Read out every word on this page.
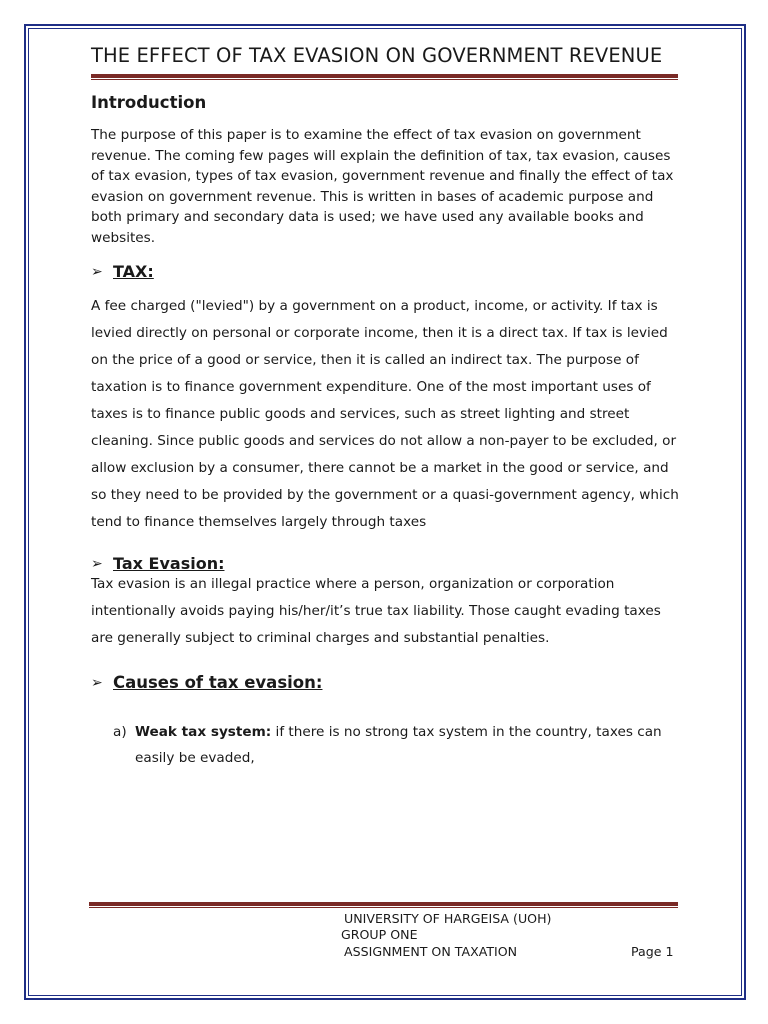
THE EFFECT OF TAX EVASION ON GOVERNMENT REVENUE
Introduction

The purpose of this paper is to examine the effect of tax evasion on government revenue. The coming few pages will explain the definition of tax, tax evasion, causes of tax evasion, types of tax evasion, government revenue and finally the effect of tax evasion on government revenue. This is written in bases of academic purpose and both primary and secondary data is used; we have used any available books and websites.

➢ TAX:

A fee charged ("levied") by a government on a product, income, or activity. If tax is levied directly on personal or corporate income, then it is a direct tax. If tax is levied on the price of a good or service, then it is called an indirect tax. The purpose of taxation is to finance government expenditure. One of the most important uses of taxes is to finance public goods and services, such as street lighting and street cleaning. Since public goods and services do not allow a non-payer to be excluded, or allow exclusion by a consumer, there cannot be a market in the good or service, and so they need to be provided by the government or a quasi-government agency, which tend to finance themselves largely through taxes

➢ Tax Evasion:

Tax evasion is an illegal practice where a person, organization or corporation intentionally avoids paying his/her/it’s true tax liability. Those caught evading taxes are generally subject to criminal charges and substantial penalties.

➢ Causes of tax evasion:
a) Weak tax system: if there is no strong tax system in the country, taxes can easily be evaded,
UNIVERSITY OF HARGEISA (UOH)
GROUP ONE
ASSIGNMENT ON TAXATION	Page 1
